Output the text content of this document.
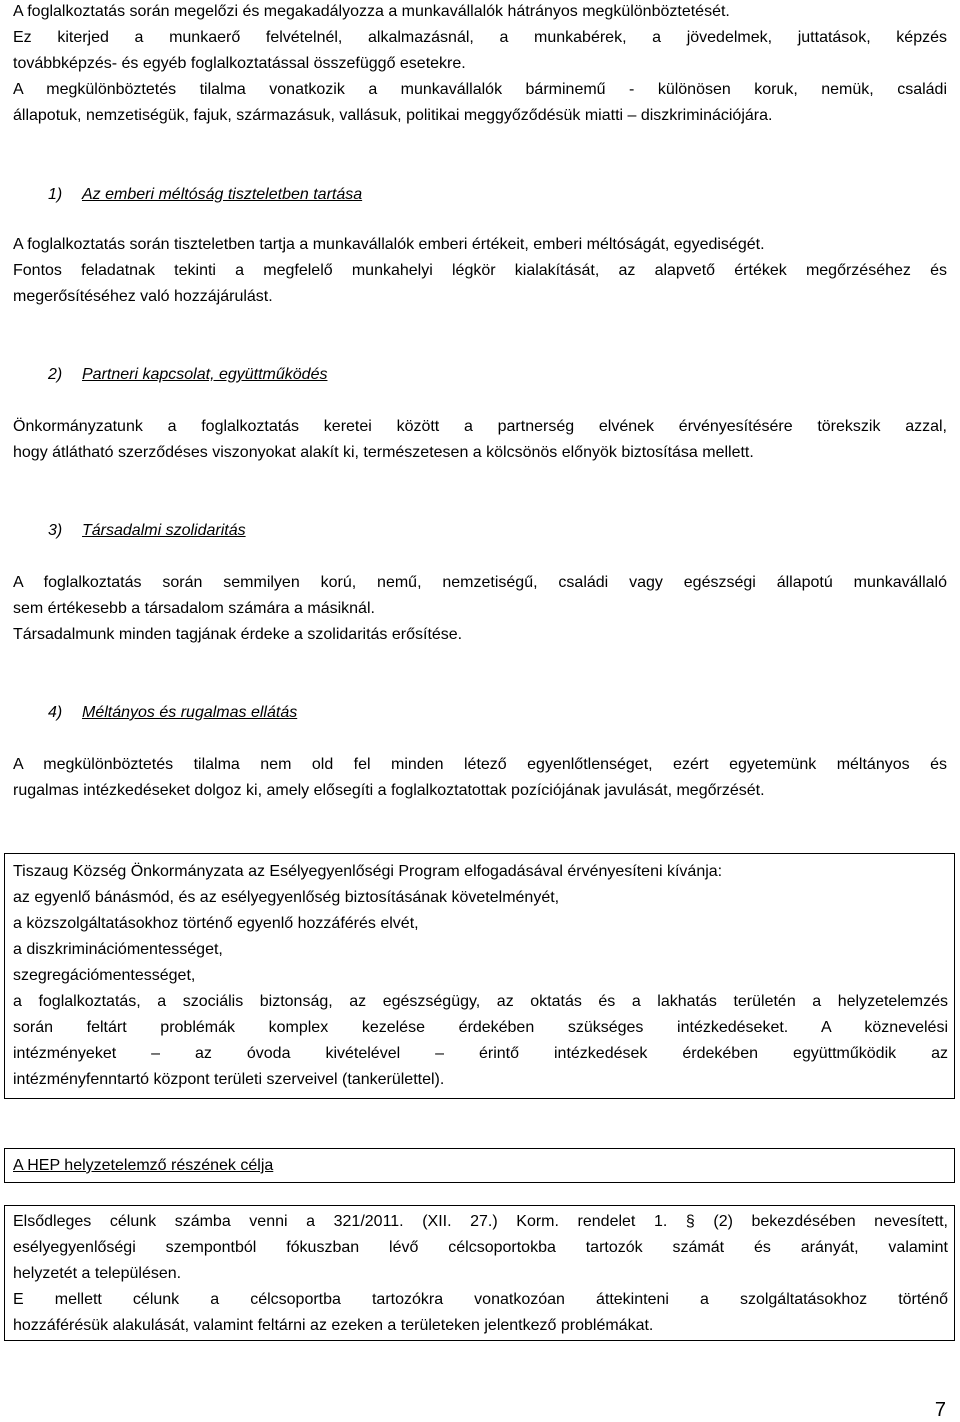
A foglalkoztatás során megelőzi és megakadályozza a munkavállalók hátrányos megkülönböztetését.
Ez kiterjed a munkaerő felvételnél, alkalmazásnál, a munkabérek, a jövedelmek, juttatások, képzés
továbbképzés- és egyéb foglalkoztatással összefüggő esetekre.
A megkülönböztetés tilalma vonatkozik a munkavállalók bárminemű - különösen koruk, nemük, családi
állapotuk, nemzetiségük, fajuk, származásuk, vallásuk, politikai meggyőződésük miatti – diszkriminációjára.
1) Az emberi méltóság tiszteletben tartása
A foglalkoztatás során tiszteletben tartja a munkavállalók emberi értékeit, emberi méltóságát, egyediségét.
Fontos feladatnak tekinti a megfelelő munkahelyi légkör kialakítását, az alapvető értékek megőrzéséhez és
megerősítéséhez való hozzájárulást.
2) Partneri kapcsolat, együttműködés
Önkormányzatunk a foglalkoztatás keretei között a partnerség elvének érvényesítésére törekszik azzal,
hogy átlátható szerződéses viszonyokat alakít ki, természetesen a kölcsönös előnyök biztosítása mellett.
3) Társadalmi szolidaritás
A foglalkoztatás során semmilyen korú, nemű, nemzetiségű, családi vagy egészségi állapotú munkavállaló
sem értékesebb a társadalom számára a másiknál.
Társadalmunk minden tagjának érdeke a szolidaritás erősítése.
4) Méltányos és rugalmas ellátás
A megkülönböztetés tilalma nem old fel minden létező egyenlőtlenséget, ezért egyetemünk méltányos és
rugalmas intézkedéseket dolgoz ki, amely elősegíti a foglalkoztatottak pozíciójának javulását, megőrzését.
Tiszaug Község Önkormányzata az Esélyegyenlőségi Program elfogadásával érvényesíteni kívánja:
az egyenlő bánásmód, és az esélyegyenlőség biztosításának követelményét,
a közszolgáltatásokhoz történő egyenlő hozzáférés elvét,
a diszkriminációmentességet,
szegregációmentességet,
a foglalkoztatás, a szociális biztonság, az egészségügy, az oktatás és a lakhatás területén a helyzetelemzés
során feltárt problémák komplex kezelése érdekében szükséges intézkedéseket. A köznevelési
intézményeket – az óvoda kivételével – érintő intézkedések érdekében együttműködik az
intézményfenntartó központ területi szerveivel (tankerülettel).
A HEP helyzetelemző részének célja
Elsődleges célunk számba venni a 321/2011. (XII. 27.) Korm. rendelet 1. § (2) bekezdésében nevesített,
esélyegyenlőségi szempontból fókuszban lévő célcsoportokba tartozók számát és arányát, valamint
helyzetét a településen.
E mellett célunk a célcsoportba tartozókra vonatkozóan áttekinteni a szolgáltatásokhoz történő
hozzáférésük alakulását, valamint feltárni az ezeken a területeken jelentkező problémákat.
7
